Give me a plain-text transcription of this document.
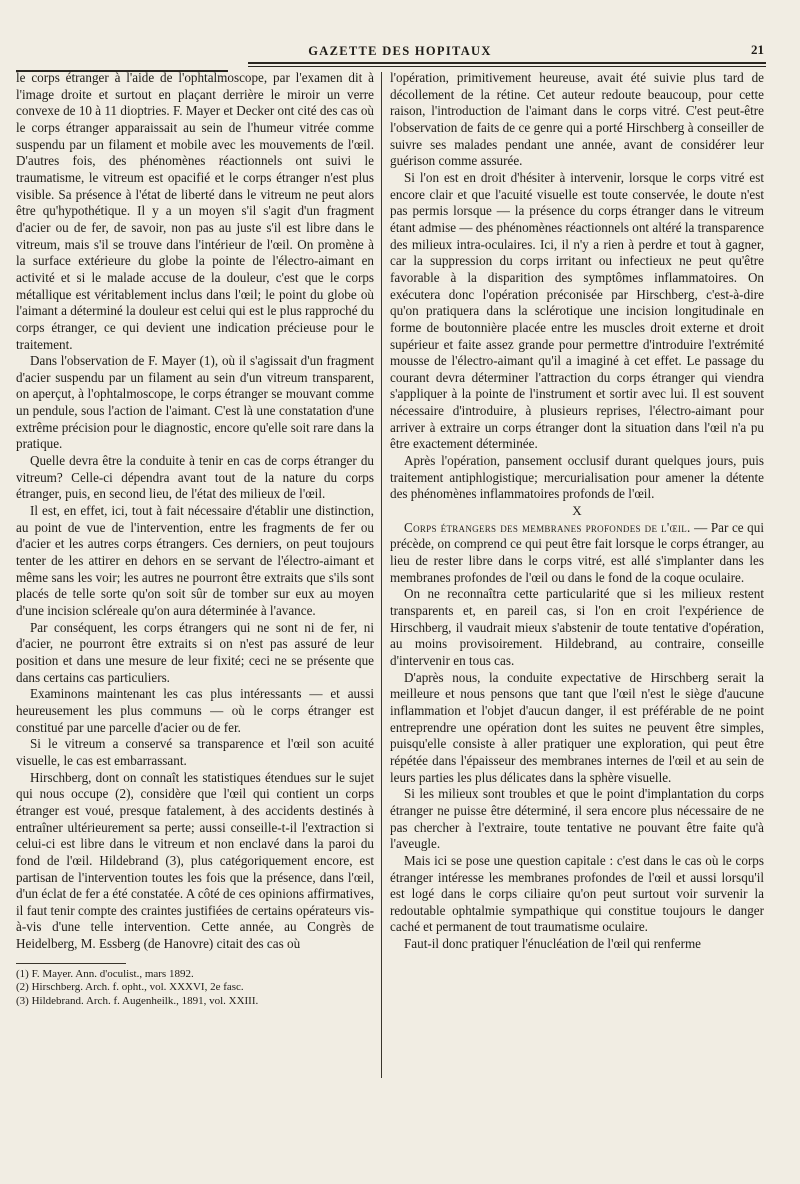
GAZETTE DES HOPITAUX	21

le corps étranger à l'aide de l'ophtalmoscope, par l'examen dit à l'image droite et surtout en plaçant derrière le miroir un verre convexe de 10 à 11 dioptries. F. Mayer et Decker ont cité des cas où le corps étranger apparaissait au sein de l'humeur vitrée comme suspendu par un filament et mobile avec les mouvements de l'œil. D'autres fois, des phénomènes réactionnels ont suivi le traumatisme, le vitreum est opacifié et le corps étranger n'est plus visible. Sa présence à l'état de liberté dans le vitreum ne peut alors être qu'hypothétique. Il y a un moyen s'il s'agit d'un fragment d'acier ou de fer, de savoir, non pas au juste s'il est libre dans le vitreum, mais s'il se trouve dans l'intérieur de l'œil. On promène à la surface extérieure du globe la pointe de l'électro-aimant en activité et si le malade accuse de la douleur, c'est que le corps métallique est véritablement inclus dans l'œil; le point du globe où l'aimant a déterminé la douleur est celui qui est le plus rapproché du corps étranger, ce qui devient une indication précieuse pour le traitement.

Dans l'observation de F. Mayer (1), où il s'agissait d'un fragment d'acier suspendu par un filament au sein d'un vitreum transparent, on aperçut, à l'ophtalmoscope, le corps étranger se mouvant comme un pendule, sous l'action de l'aimant. C'est là une constatation d'une extrême précision pour le diagnostic, encore qu'elle soit rare dans la pratique.

Quelle devra être la conduite à tenir en cas de corps étranger du vitreum? Celle-ci dépendra avant tout de la nature du corps étranger, puis, en second lieu, de l'état des milieux de l'œil.

Il est, en effet, ici, tout à fait nécessaire d'établir une distinction, au point de vue de l'intervention, entre les fragments de fer ou d'acier et les autres corps étrangers. Ces derniers, on peut toujours tenter de les attirer en dehors en se servant de l'électro-aimant et même sans les voir; les autres ne pourront être extraits que s'ils sont placés de telle sorte qu'on soit sûr de tomber sur eux au moyen d'une incision scléreale qu'on aura déterminée à l'avance.

Par conséquent, les corps étrangers qui ne sont ni de fer, ni d'acier, ne pourront être extraits si on n'est pas assuré de leur position et dans une mesure de leur fixité; ceci ne se présente que dans certains cas particuliers.

Examinons maintenant les cas plus intéressants — et aussi heureusement les plus communs — où le corps étranger est constitué par une parcelle d'acier ou de fer.

Si le vitreum a conservé sa transparence et l'œil son acuité visuelle, le cas est embarrassant.

Hirschberg, dont on connaît les statistiques étendues sur le sujet qui nous occupe (2), considère que l'œil qui contient un corps étranger est voué, presque fatalement, à des accidents destinés à entraîner ultérieurement sa perte; aussi conseille-t-il l'extraction si celui-ci est libre dans le vitreum et non enclavé dans la paroi du fond de l'œil. Hildebrand (3), plus catégoriquement encore, est partisan de l'intervention toutes les fois que la présence, dans l'œil, d'un éclat de fer a été constatée. A côté de ces opinions affirmatives, il faut tenir compte des craintes justifiées de certains opérateurs vis-à-vis d'une telle intervention. Cette année, au Congrès de Heidelberg, M. Essberg (de Hanovre) citait des cas où

(1) F. Mayer. Ann. d'oculist., mars 1892.
(2) Hirschberg. Arch. f. opht., vol. XXXVI, 2e fasc.
(3) Hildebrand. Arch. f. Augenheilk., 1891, vol. XXIII.

l'opération, primitivement heureuse, avait été suivie plus tard de décollement de la rétine. Cet auteur redoute beaucoup, pour cette raison, l'introduction de l'aimant dans le corps vitré. C'est peut-être l'observation de faits de ce genre qui a porté Hirschberg à conseiller de suivre ses malades pendant une année, avant de considérer leur guérison comme assurée.

Si l'on est en droit d'hésiter à intervenir, lorsque le corps vitré est encore clair et que l'acuité visuelle est toute conservée, le doute n'est pas permis lorsque — la présence du corps étranger dans le vitreum étant admise — des phénomènes réactionnels ont altéré la transparence des milieux intra-oculaires. Ici, il n'y a rien à perdre et tout à gagner, car la suppression du corps irritant ou infectieux ne peut qu'être favorable à la disparition des symptômes inflammatoires. On exécutera donc l'opération préconisée par Hirschberg, c'est-à-dire qu'on pratiquera dans la sclérotique une incision longitudinale en forme de boutonnière placée entre les muscles droit externe et droit supérieur et faite assez grande pour permettre d'introduire l'extrémité mousse de l'électro-aimant qu'il a imaginé à cet effet. Le passage du courant devra déterminer l'attraction du corps étranger qui viendra s'appliquer à la pointe de l'instrument et sortir avec lui. Il est souvent nécessaire d'introduire, à plusieurs reprises, l'électro-aimant pour arriver à extraire un corps étranger dont la situation dans l'œil n'a pu être exactement déterminée.

Après l'opération, pansement occlusif durant quelques jours, puis traitement antiphlogistique; mercurialisation pour amener la détente des phénomènes inflammatoires profonds de l'œil.

X

Corps étrangers des membranes profondes de l'œil. — Par ce qui précède, on comprend ce qui peut être fait lorsque le corps étranger, au lieu de rester libre dans le corps vitré, est allé s'implanter dans les membranes profondes de l'œil ou dans le fond de la coque oculaire.

On ne reconnaîtra cette particularité que si les milieux restent transparents et, en pareil cas, si l'on en croit l'expérience de Hirschberg, il vaudrait mieux s'abstenir de toute tentative d'opération, au moins provisoirement. Hildebrand, au contraire, conseille d'intervenir en tous cas.

D'après nous, la conduite expectative de Hirschberg serait la meilleure et nous pensons que tant que l'œil n'est le siège d'aucune inflammation et l'objet d'aucun danger, il est préférable de ne point entreprendre une opération dont les suites ne peuvent être simples, puisqu'elle consiste à aller pratiquer une exploration, qui peut être répétée dans l'épaisseur des membranes internes de l'œil et au sein de leurs parties les plus délicates dans la sphère visuelle.

Si les milieux sont troubles et que le point d'implantation du corps étranger ne puisse être déterminé, il sera encore plus nécessaire de ne pas chercher à l'extraire, toute tentative ne pouvant être faite qu'à l'aveugle.

Mais ici se pose une question capitale : c'est dans le cas où le corps étranger intéresse les membranes profondes de l'œil et aussi lorsqu'il est logé dans le corps ciliaire qu'on peut surtout voir survenir la redoutable ophtalmie sympathique qui constitue toujours le danger caché et permanent de tout traumatisme oculaire.

Faut-il donc pratiquer l'énucléation de l'œil qui renferme
